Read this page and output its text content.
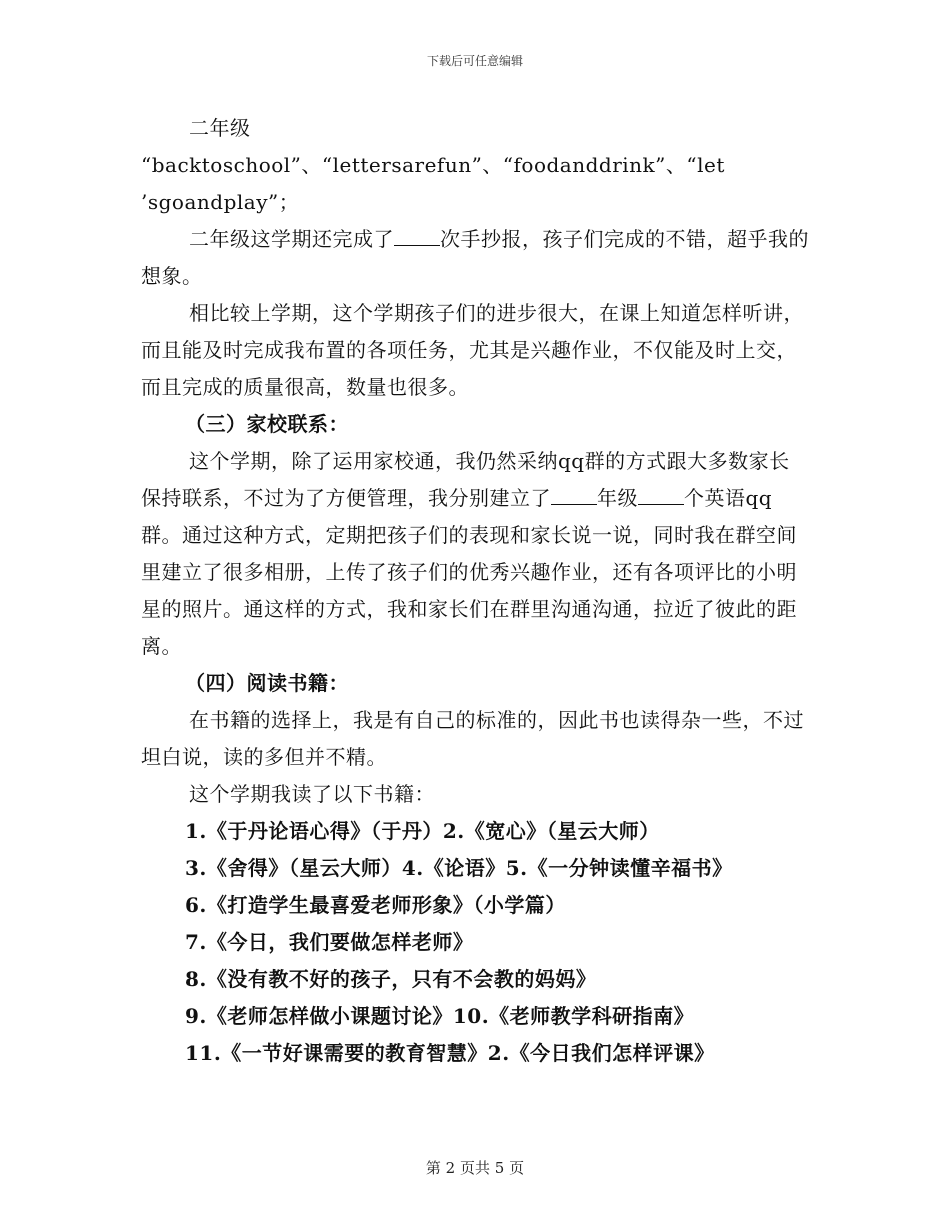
下载后可任意编辑

二年级

“backtoschool”、“lettersarefun”、“foodanddrink”、“let

’sgoandplay”；

二年级这学期还完成了 次手抄报，孩子们完成的不错，超乎我的想象。

相比较上学期，这个学期孩子们的进步很大，在课上知道怎样听讲，而且能及时完成我布置的各项任务，尤其是兴趣作业，不仅能及时上交，而且完成的质量很高，数量也很多。

（三）家校联系：

这个学期，除了运用家校通，我仍然采纳qq群的方式跟大多数家长保持联系，不过为了方便管理，我分别建立了 年级 个英语qq群。通过这种方式，定期把孩子们的表现和家长说一说，同时我在群空间里建立了很多相册，上传了孩子们的优秀兴趣作业，还有各项评比的小明星的照片。通这样的方式，我和家长们在群里沟通沟通，拉近了彼此的距离。

（四）阅读书籍：

在书籍的选择上，我是有自己的标准的，因此书也读得杂一些，不过坦白说，读的多但并不精。

这个学期我读了以下书籍：

1.《于丹论语心得》（于丹）2.《宽心》（星云大师）

3.《舍得》（星云大师）4.《论语》5.《一分钟读懂辛福书》

6.《打造学生最喜爱老师形象》（小学篇）

7.《今日，我们要做怎样老师》

8.《没有教不好的孩子，只有不会教的妈妈》

9.《老师怎样做小课题讨论》10.《老师教学科研指南》

11.《一节好课需要的教育智慧》2.《今日我们怎样评课》

第 2 页共 5 页
